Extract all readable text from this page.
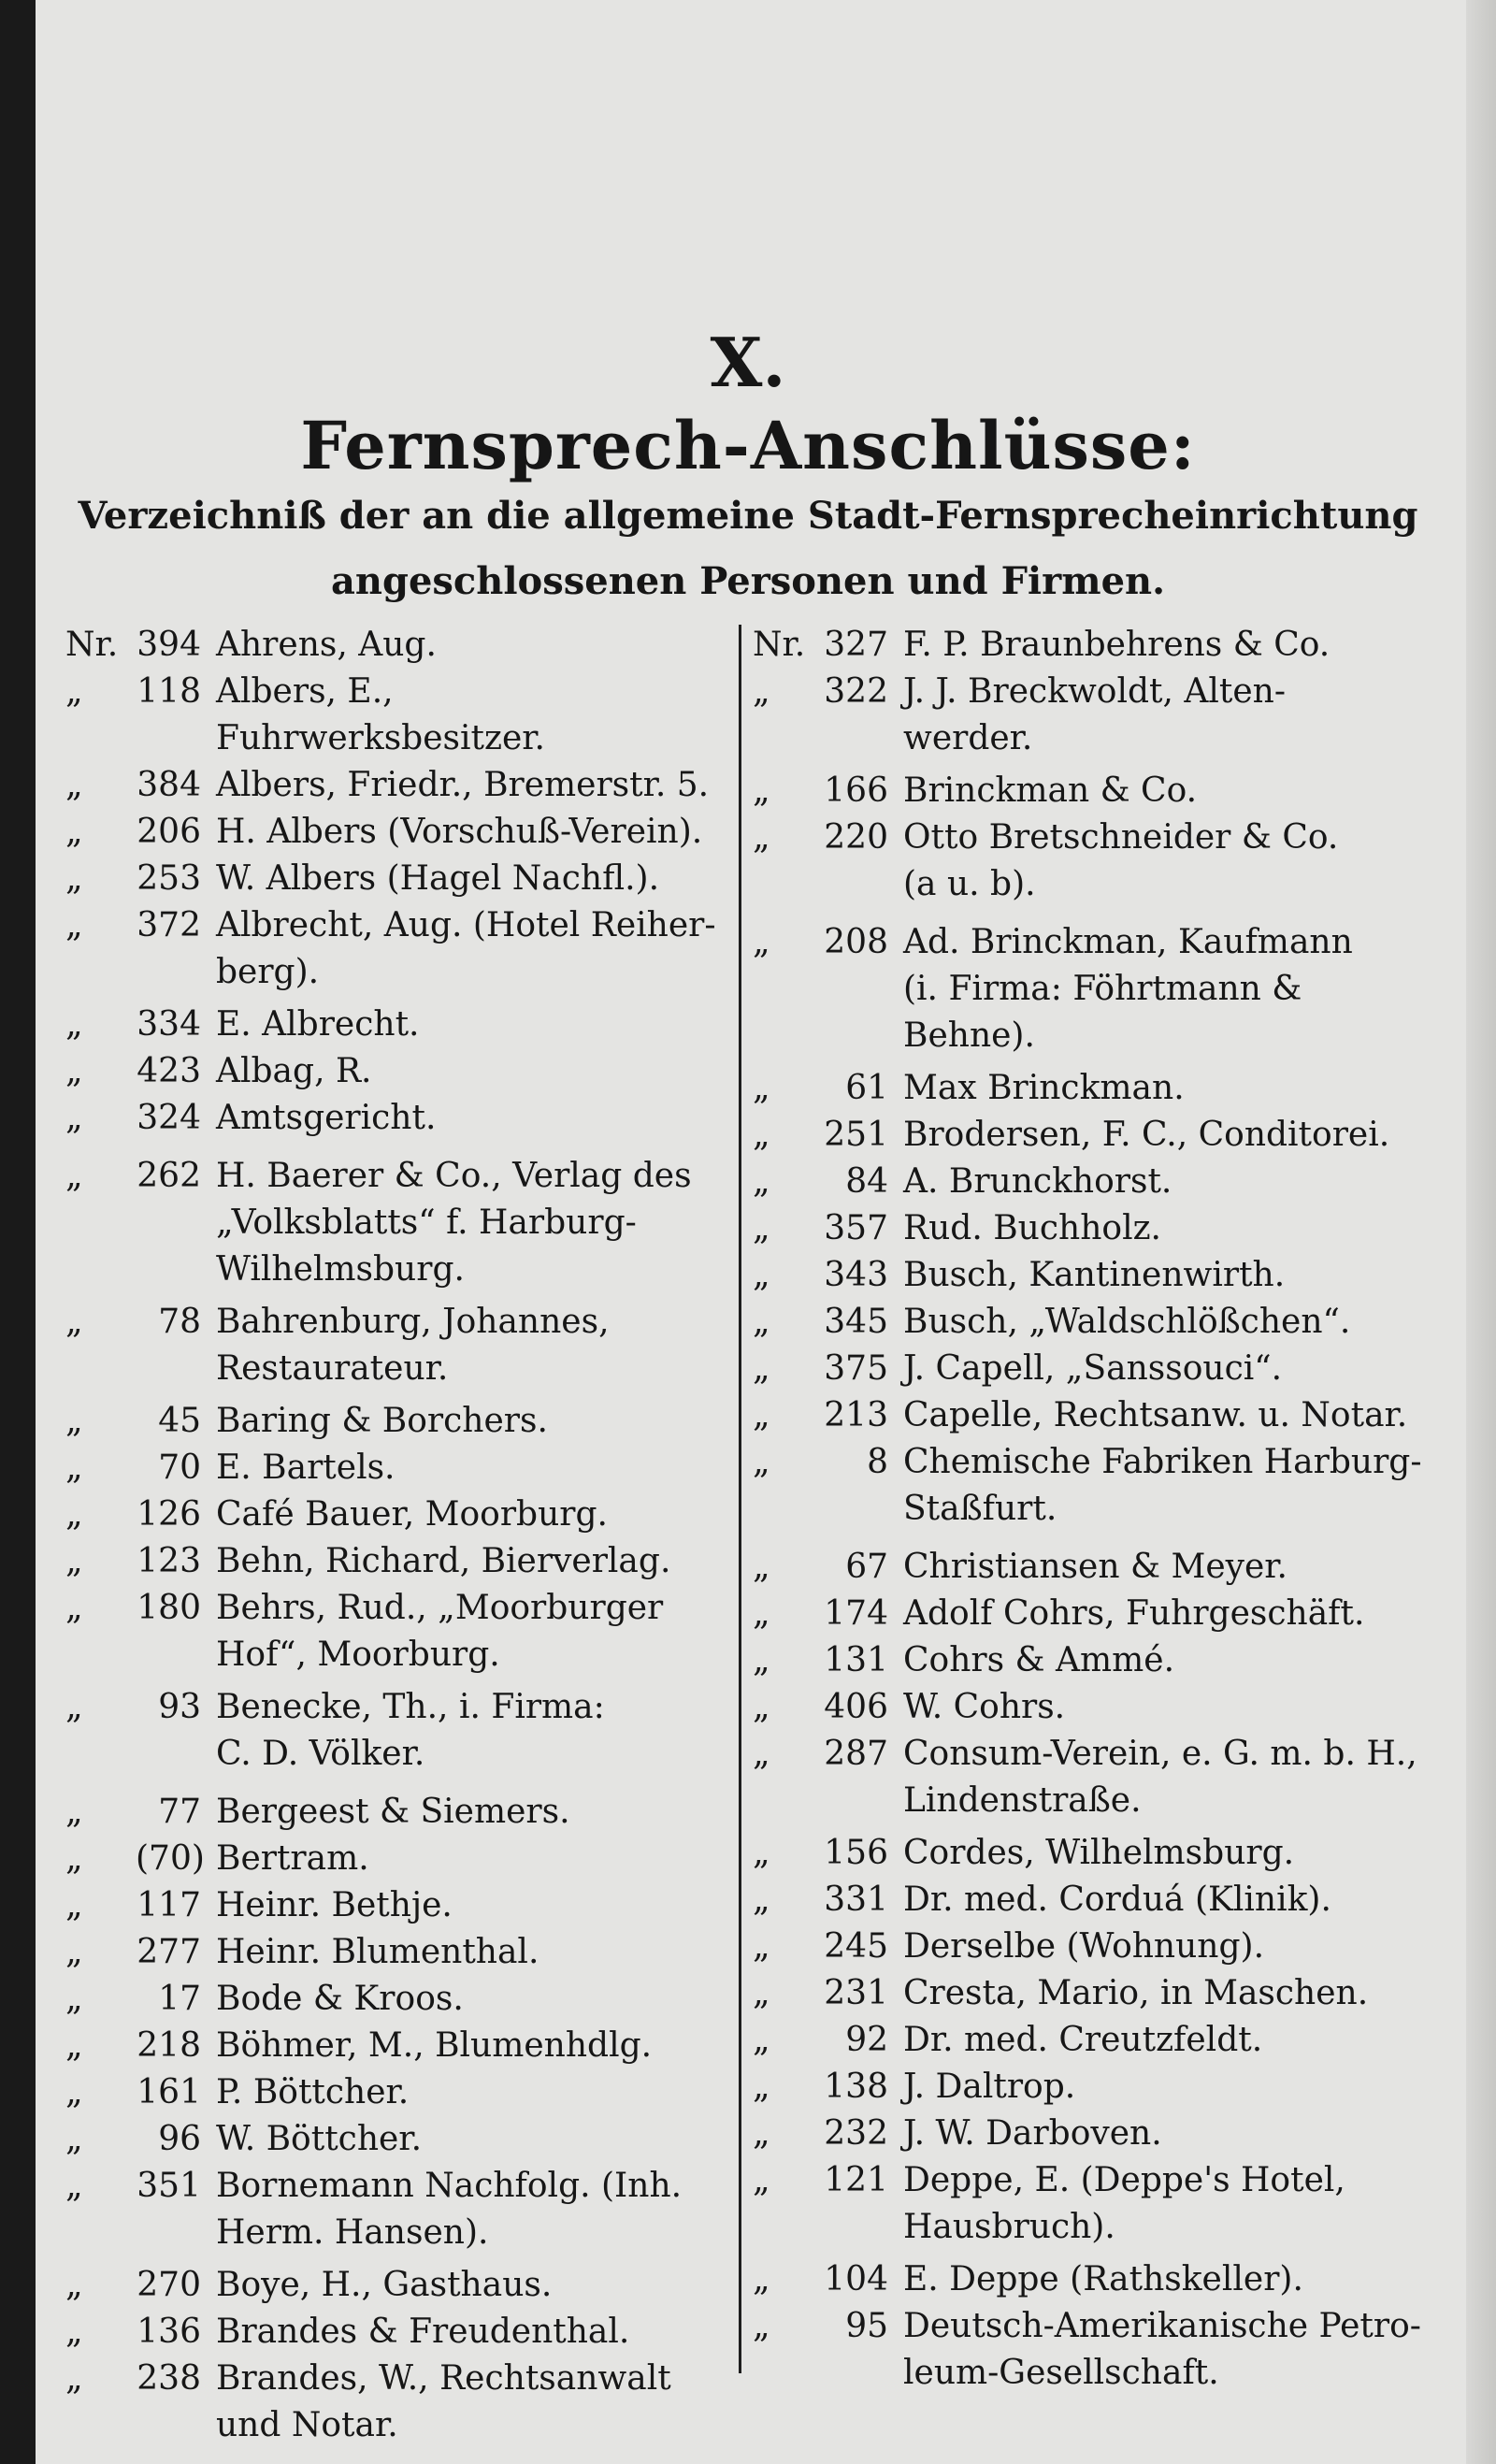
X.
Fernsprech-Anschlüsse:
Verzeichniß der an die allgemeine Stadt-Fernsprecheinrichtung
angeschlossenen Personen und Firmen.
Nr. 394 Ahrens, Aug.
„	118 Albers, E., Fuhrwerksbesitzer.
„	384 Albers, Friedr., Bremerstr. 5.
„	206 H. Albers (Vorschuß-Verein).
„	253 W. Albers (Hagel Nachfl.).
„	372 Albrecht, Aug. (Hotel Reiher-
berg).
„	334 E. Albrecht.
„	423 Albag, R.
„	324 Amtsgericht.
„	262 H. Baerer & Co., Verlag des
„Volksblatts“ f. Harburg-
Wilhelmsburg.
„	78 Bahrenburg, Johannes,
Restaurateur.
„	45 Baring & Borchers.
„	70 E. Bartels.
„	126 Café Bauer, Moorburg.
„	123 Behn, Richard, Bierverlag.
„	180 Behrs, Rud., „Moorburger
Hof“, Moorburg.
„	93 Benecke, Th., i. Firma:
C. D. Völker.
„	77 Bergeest & Siemers.
„	(70) Bertram.
„	117 Heinr. Bethje.
„	277 Heinr. Blumenthal.
„	17 Bode & Kroos.
„	218 Böhmer, M., Blumenhdlg.
„	161 P. Böttcher.
„	96 W. Böttcher.
„	351 Bornemann Nachfolg. (Inh.
Herm. Hansen).
„	270 Boye, H., Gasthaus.
„	136 Brandes & Freudenthal.
„	238 Brandes, W., Rechtsanwalt
und Notar.
Nr. 327 F. P. Braunbehrens & Co.
„	322 J. J. Breckwoldt, Alten-
werder.
„	166 Brinckman & Co.
„	220 Otto Bretschneider & Co.
(a u. b).
„	208 Ad. Brinckman, Kaufmann
(i. Firma: Föhrtmann &
Behne).
„	61 Max Brinckman.
„	251 Brodersen, F. C., Conditorei.
„	84 A. Brunckhorst.
„	357 Rud. Buchholz.
„	343 Busch, Kantinenwirth.
„	345 Busch, „Waldschlößchen“.
„	375 J. Capell, „Sanssouci“.
„	213 Capelle, Rechtsanw. u. Notar.
„	8 Chemische Fabriken Harburg-
Staßfurt.
„	67 Christiansen & Meyer.
„	174 Adolf Cohrs, Fuhrgeschäft.
„	131 Cohrs & Ammé.
„	406 W. Cohrs.
„	287 Consum-Verein, e. G. m. b. H.,
Lindenstraße.
„	156 Cordes, Wilhelmsburg.
„	331 Dr. med. Corduá (Klinik).
„	245 Derselbe (Wohnung).
„	231 Cresta, Mario, in Maschen.
„	92 Dr. med. Creutzfeldt.
„	138 J. Daltrop.
„	232 J. W. Darboven.
„	121 Deppe, E. (Deppe's Hotel,
Hausbruch).
„	104 E. Deppe (Rathskeller).
„	95 Deutsch-Amerikanische Petro-
leum-Gesellschaft.
